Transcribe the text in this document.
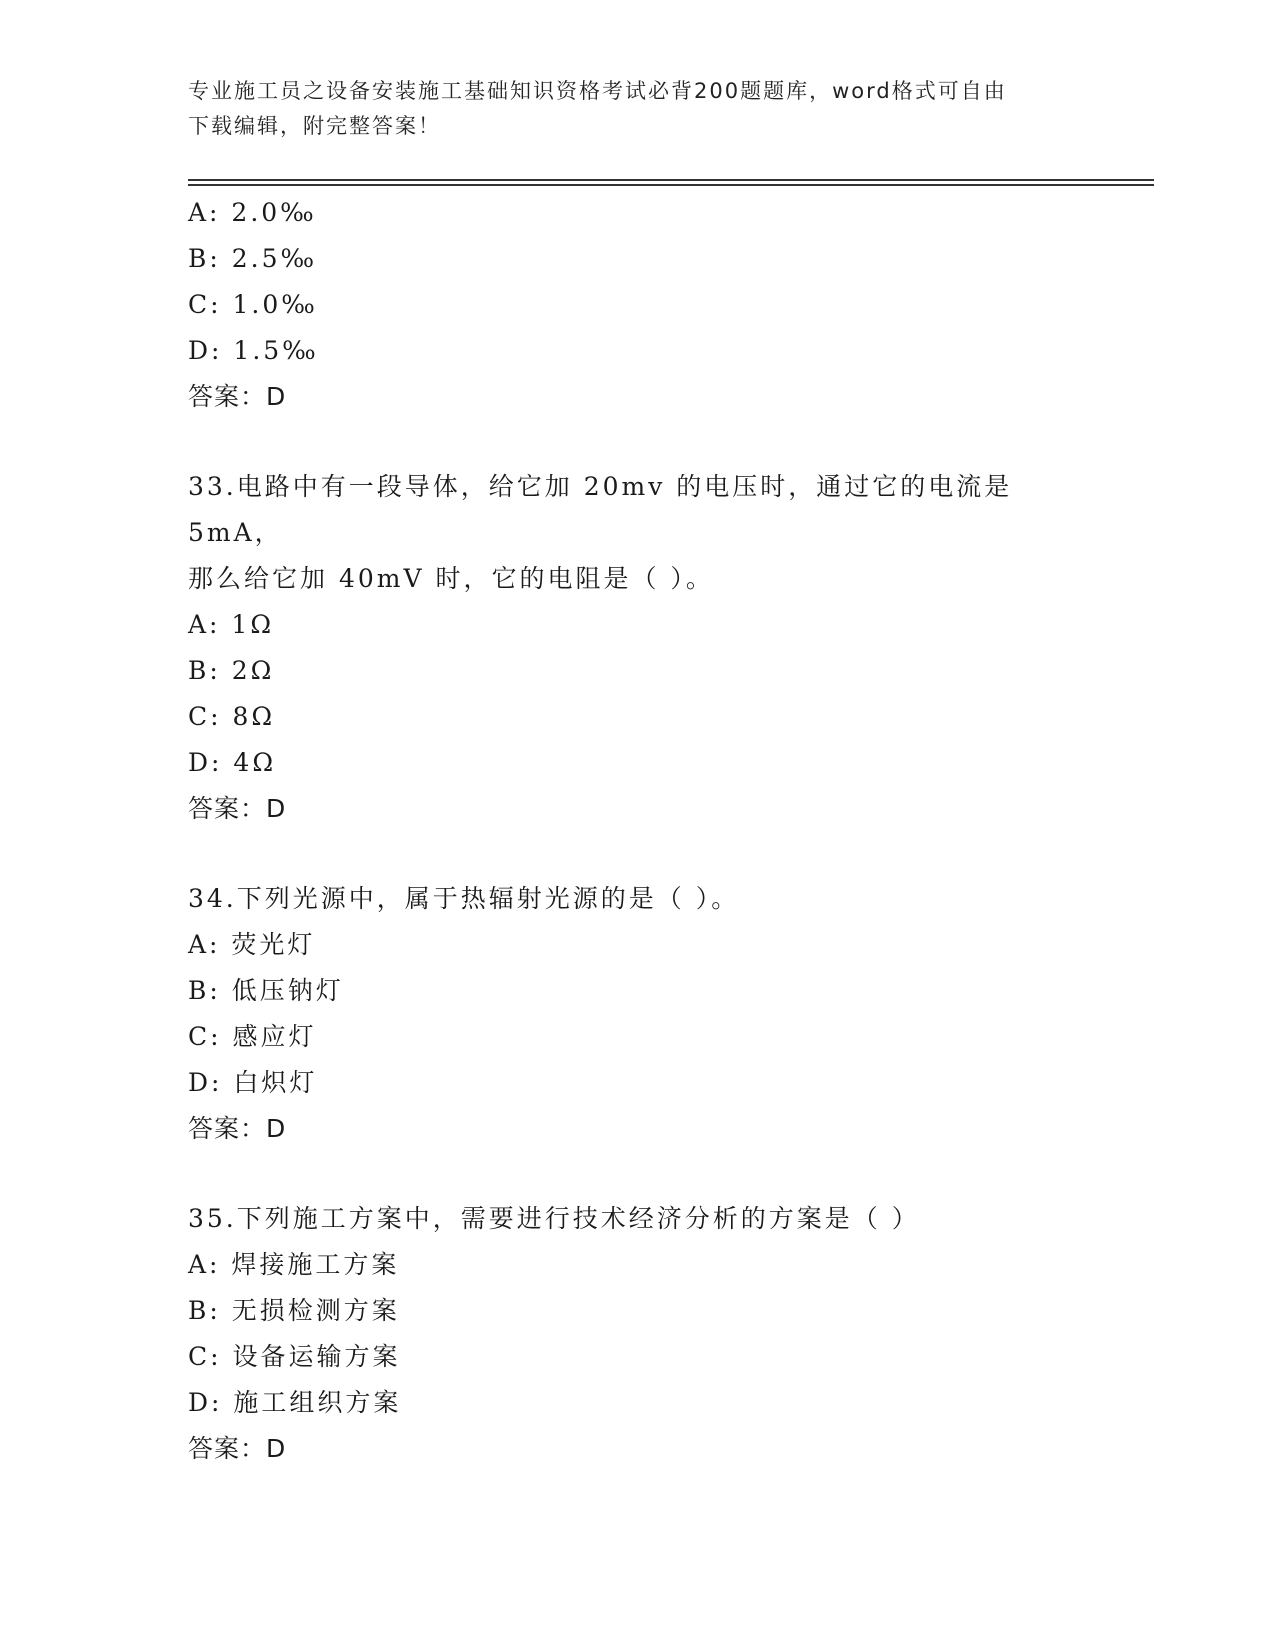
专业施工员之设备安装施工基础知识资格考试必背200题题库，word格式可自由
下载编辑，附完整答案！
A: 2.0‰
B: 2.5‰
C: 1.0‰
D: 1.5‰
答案：D
33.电路中有一段导体，给它加 20mv 的电压时，通过它的电流是 5mA，
那么给它加 40mV 时，它的电阻是（ ）。
A: 1Ω
B: 2Ω
C: 8Ω
D: 4Ω
答案：D
34.下列光源中，属于热辐射光源的是（ ）。
A: 荧光灯
B: 低压钠灯
C: 感应灯
D: 白炽灯
答案：D
35.下列施工方案中，需要进行技术经济分析的方案是（ ）
A: 焊接施工方案
B: 无损检测方案
C: 设备运输方案
D: 施工组织方案
答案：D
